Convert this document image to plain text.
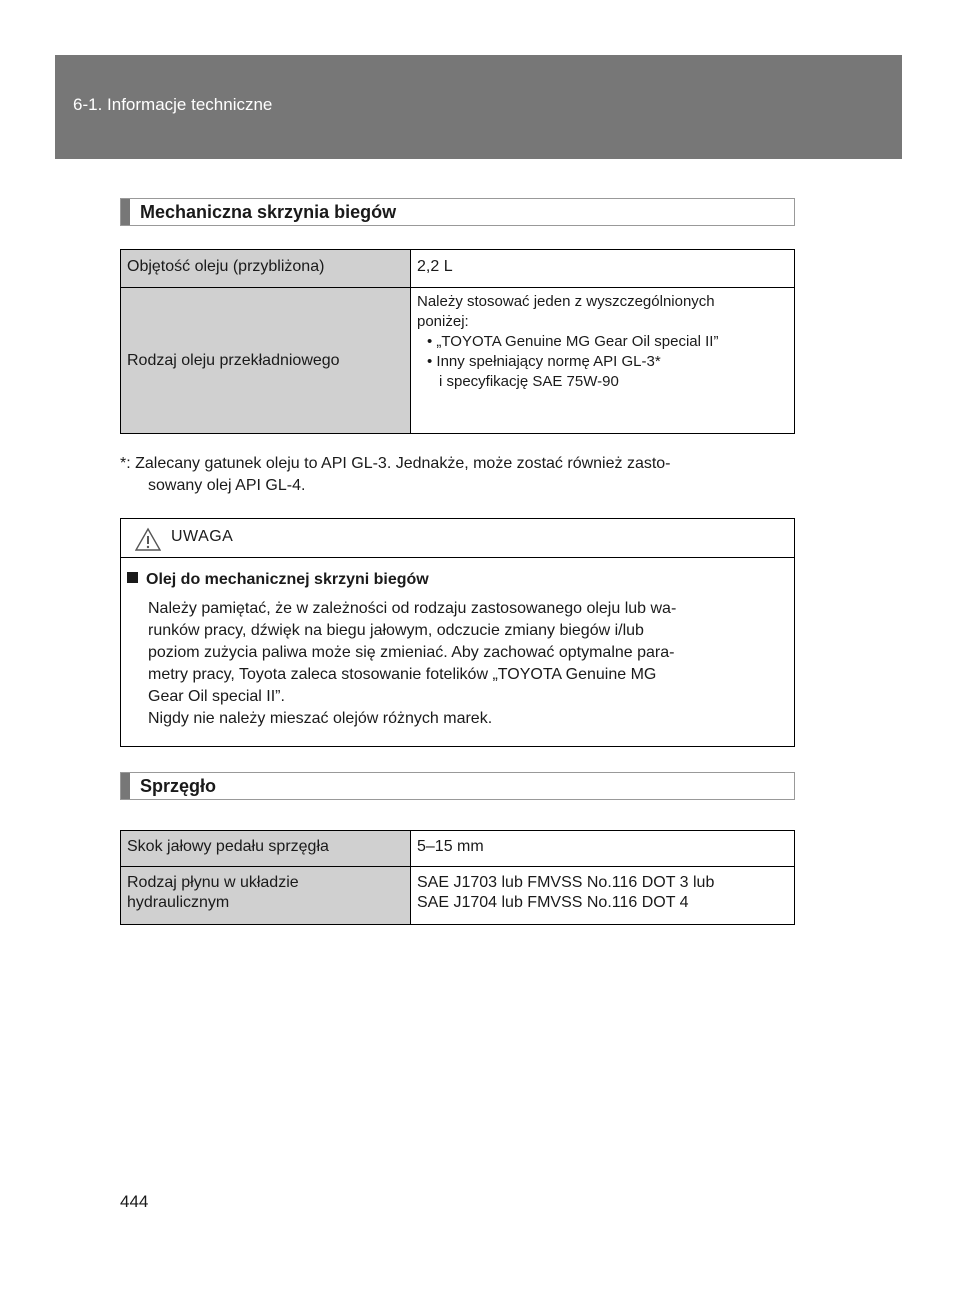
6-1. Informacje techniczne
Mechaniczna skrzynia biegów
Objętość oleju (przybliżona)	2,2 L
Rodzaj oleju przekładniowego	Należy stosować jeden z wyszczególnionych
poniżej:
• „TOYOTA Genuine MG Gear Oil special II”
• Inny spełniający normę API GL-3*
i specyfikację SAE 75W-90
*: Zalecany gatunek oleju to API GL-3. Jednakże, może zostać również zasto-
sowany olej API GL-4.
UWAGA
Olej do mechanicznej skrzyni biegów
Należy pamiętać, że w zależności od rodzaju zastosowanego oleju lub wa-
runków pracy, dźwięk na biegu jałowym, odczucie zmiany biegów i/lub
poziom zużycia paliwa może się zmieniać. Aby zachować optymalne para-
metry pracy, Toyota zaleca stosowanie fotelików „TOYOTA Genuine MG
Gear Oil special II”.
Nigdy nie należy mieszać olejów różnych marek.
Sprzęgło
Skok jałowy pedału sprzęgła	5–15 mm

Rodzaj płynu w układzie
hydraulicznym	SAE J1703 lub FMVSS No.116 DOT 3 lub
SAE J1704 lub FMVSS No.116 DOT 4
444
